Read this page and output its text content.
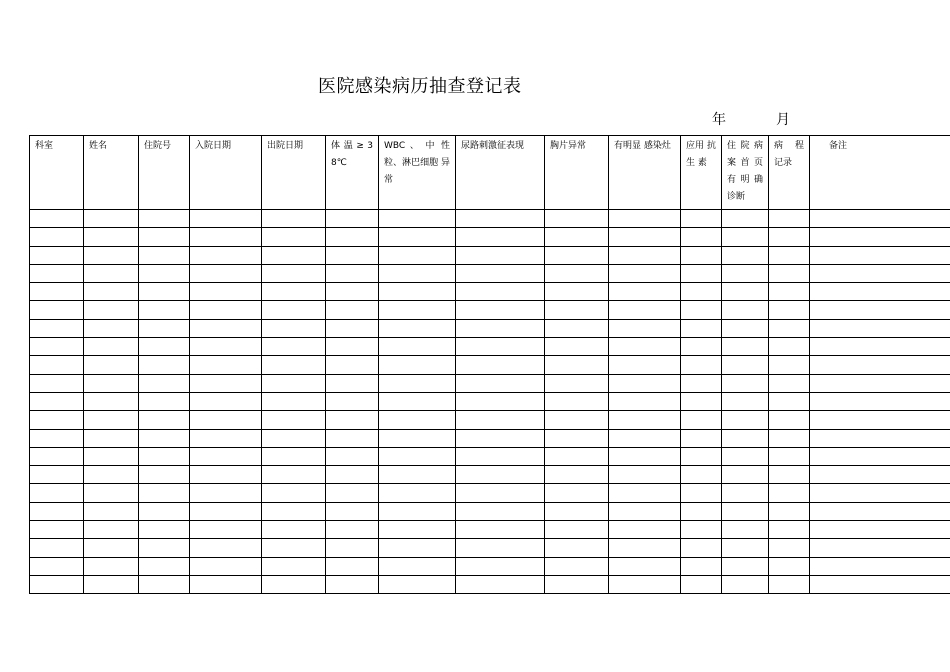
医院感染病历抽查登记表
年	月
科室	姓名	住院号	入院日期	出院日期	体 温 ≥ 38℃	WBC 、 中 性 粒、淋巴细胞 异常	尿路刺激征表现	胸片异常	有明显 感染灶	应用 抗 生 素	住 院 病 案 首 页 有 明 确 诊断	病 程 记录	备注
